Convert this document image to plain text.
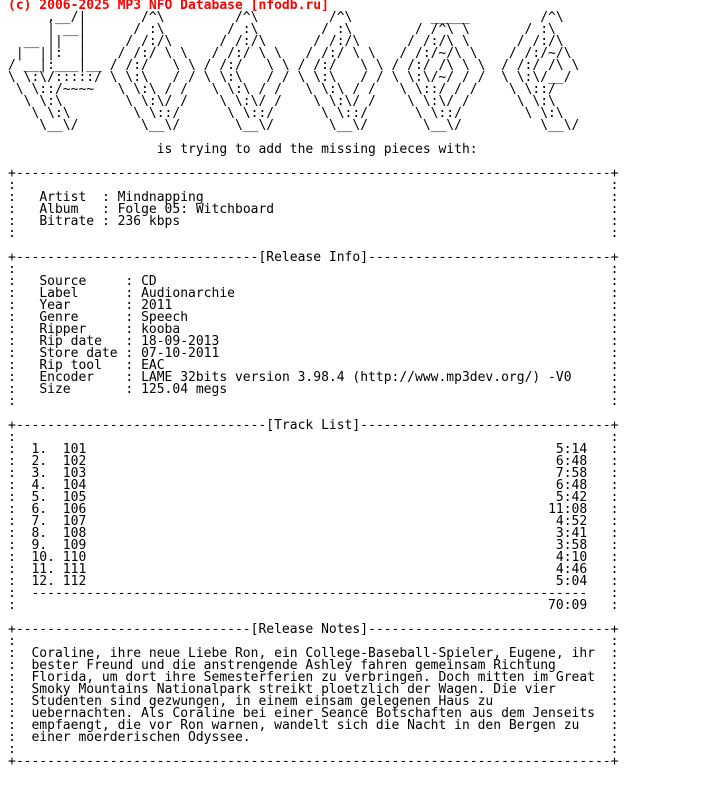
(c) 2006-2025 MP3 NFO Database [nfodb.ru]
,__/|       /^\         /^\         /^\          _____         /^\
| __|      / :\        / :\        / :\        / /^\ \       / :\
__ ||  |     / /:/\      / /:/\      / /:/\      / /:/\ \      / /:/\
|  ||:  |    / /:/ \ \   / /:/ \ \   / /:/ \ \   / /:/~/\ \    / /:/~/\
/ __|:___|__ / /:/   \ \ / /:/   \ \ / /:/   \ \ / /:/ /\ \ \  / /:/ /\ \
\ \:\/:::::/ \ \:\   / / \ \:\   / / \ \:\   / / \ \:\/~/ / /  \ \:\/__/
\ \::/~~~~   \ \:\ / /   \ \:\ / /   \ \:\ / /   \ \::/ / /    \ \::/
\ \:\        \ \:\/ /    \ \:\/ /    \ \:\/ /    \ \:\/ /      \ \:\
\ \:\        \ \::/      \ \::/      \ \::/      \ \::/        \ \:\
\__\/        \__\/       \__\/       \__\/       \__\/          \__\/

is trying to add the missing pieces with:

+----------------------------------------------------------------------------+
:                                                                            :
:   Artist  : Mindnapping	:
:   Album   : Folge 05: Witchboard	:
:   Bitrate : 236 kbps	:
:                                                                            :

+-------------------------------[Release Info]-------------------------------+
:                                                                            :
:   Source     : CD	:
:   Label      : Audionarchie	:
:   Year       : 2011	:
:   Genre      : Speech	:
:   Ripper     : kooba	:
:   Rip date   : 18-09-2013	:
:   Store date : 07-10-2011	:
:   Rip tool   : EAC	:
:   Encoder    : LAME 32bits version 3.98.4 (http://www.mp3dev.org/) -V0	:
:   Size       : 125.04 megs	:
:                                                                            :

+--------------------------------[Track List]--------------------------------+
:                                                                            :
:  1.  101	5:14   :
:  2.  102	6:48   :
:  3.  103	7:58   :
:  4.  104	6:48   :
:  5.  105	5:42   :
:  6.  106	11:08   :
:  7.  107	4:52   :
:  8.  108	3:41   :
:  9.  109	3:58   :
:  10. 110	4:10   :
:  11. 111	4:46   :
:  12. 112	5:04   :
:  -----------------------------------------------------------------------   :
:                                                                    70:09   :

+------------------------------[Release Notes]-------------------------------+
:                                                                            :
:  Coraline, ihre neue Liebe Ron, ein College-Baseball-Spieler, Eugene, ihr  :
:  bester Freund und die anstrengende Ashley fahren gemeinsam Richtung	:
:  Florida, um dort ihre Semesterferien zu verbringen. Doch mitten im Great  :
:  Smoky Mountains Nationalpark streikt ploetzlich der Wagen. Die vier	:
:  Studenten sind gezwungen, in einem einsam gelegenen Haus zu	:
:  uebernachten. Als Coraline bei einer Seance Botschaften aus dem Jenseits  :
:  empfaengt, die vor Ron warnen, wandelt sich die Nacht in den Bergen zu    :
:  einer moerderischen Odyssee.	:
:                                                                            :
+----------------------------------------------------------------------------+
